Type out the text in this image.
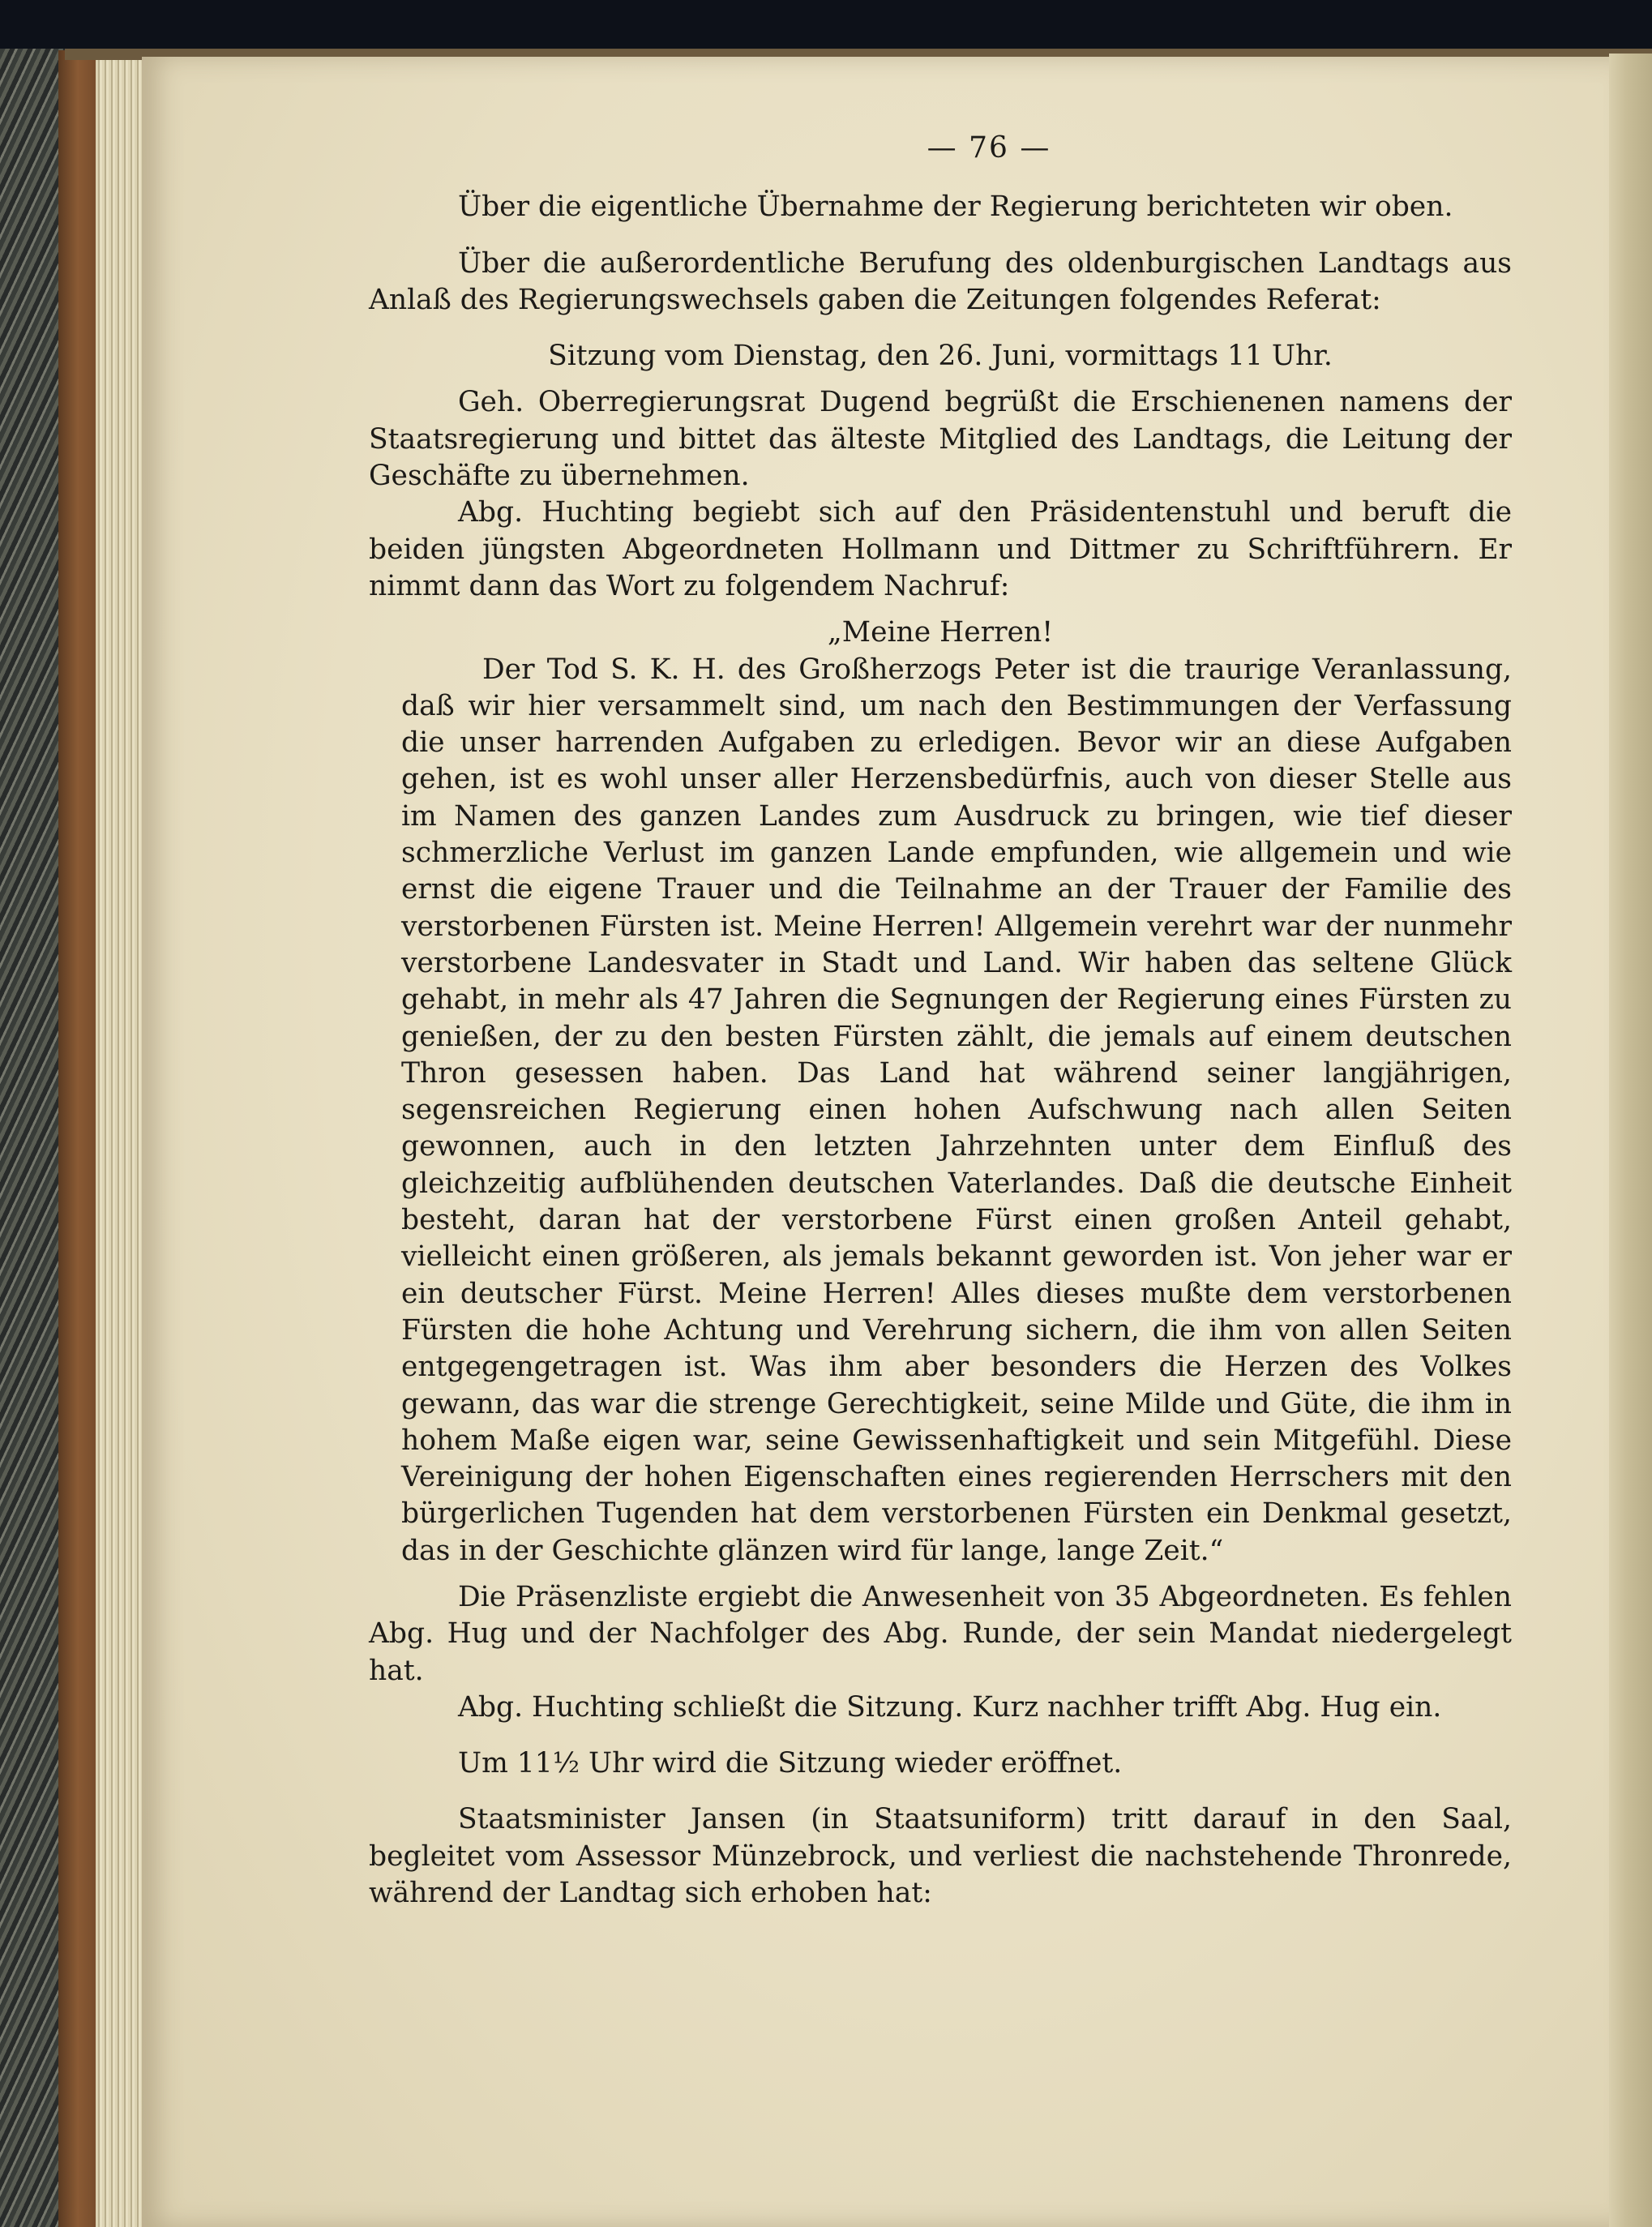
— 76 —

Über die eigentliche Übernahme der Regierung berichteten wir oben.

Über die außerordentliche Berufung des oldenburgischen Landtags aus Anlaß des Regierungswechsels gaben die Zeitungen folgendes Referat:

Sitzung vom Dienstag, den 26. Juni, vormittags 11 Uhr.

Geh. Oberregierungsrat Dugend begrüßt die Erschienenen namens der Staatsregierung und bittet das älteste Mitglied des Landtags, die Leitung der Geschäfte zu übernehmen.

Abg. Huchting begiebt sich auf den Präsidentenstuhl und beruft die beiden jüngsten Abgeordneten Hollmann und Dittmer zu Schriftführern. Er nimmt dann das Wort zu folgendem Nachruf:

„Meine Herren!

Der Tod S. K. H. des Großherzogs Peter ist die traurige Veranlassung, daß wir hier versammelt sind, um nach den Bestimmungen der Verfassung die unser harrenden Aufgaben zu erledigen. Bevor wir an diese Aufgaben gehen, ist es wohl unser aller Herzensbedürfnis, auch von dieser Stelle aus im Namen des ganzen Landes zum Ausdruck zu bringen, wie tief dieser schmerzliche Verlust im ganzen Lande empfunden, wie allgemein und wie ernst die eigene Trauer und die Teilnahme an der Trauer der Familie des verstorbenen Fürsten ist. Meine Herren! Allgemein verehrt war der nunmehr verstorbene Landesvater in Stadt und Land. Wir haben das seltene Glück gehabt, in mehr als 47 Jahren die Segnungen der Regierung eines Fürsten zu genießen, der zu den besten Fürsten zählt, die jemals auf einem deutschen Thron gesessen haben. Das Land hat während seiner langjährigen, segensreichen Regierung einen hohen Aufschwung nach allen Seiten gewonnen, auch in den letzten Jahrzehnten unter dem Einfluß des gleichzeitig aufblühenden deutschen Vaterlandes. Daß die deutsche Einheit besteht, daran hat der verstorbene Fürst einen großen Anteil gehabt, vielleicht einen größeren, als jemals bekannt geworden ist. Von jeher war er ein deutscher Fürst. Meine Herren! Alles dieses mußte dem verstorbenen Fürsten die hohe Achtung und Verehrung sichern, die ihm von allen Seiten entgegengetragen ist. Was ihm aber besonders die Herzen des Volkes gewann, das war die strenge Gerechtigkeit, seine Milde und Güte, die ihm in hohem Maße eigen war, seine Gewissenhaftigkeit und sein Mitgefühl. Diese Vereinigung der hohen Eigenschaften eines regierenden Herrschers mit den bürgerlichen Tugenden hat dem verstorbenen Fürsten ein Denkmal gesetzt, das in der Geschichte glänzen wird für lange, lange Zeit.“

Die Präsenzliste ergiebt die Anwesenheit von 35 Abgeordneten. Es fehlen Abg. Hug und der Nachfolger des Abg. Runde, der sein Mandat niedergelegt hat.

Abg. Huchting schließt die Sitzung. Kurz nachher trifft Abg. Hug ein.

Um 11½ Uhr wird die Sitzung wieder eröffnet.

Staatsminister Jansen (in Staatsuniform) tritt darauf in den Saal, begleitet vom Assessor Münzebrock, und verliest die nachstehende Thronrede, während der Landtag sich erhoben hat:
